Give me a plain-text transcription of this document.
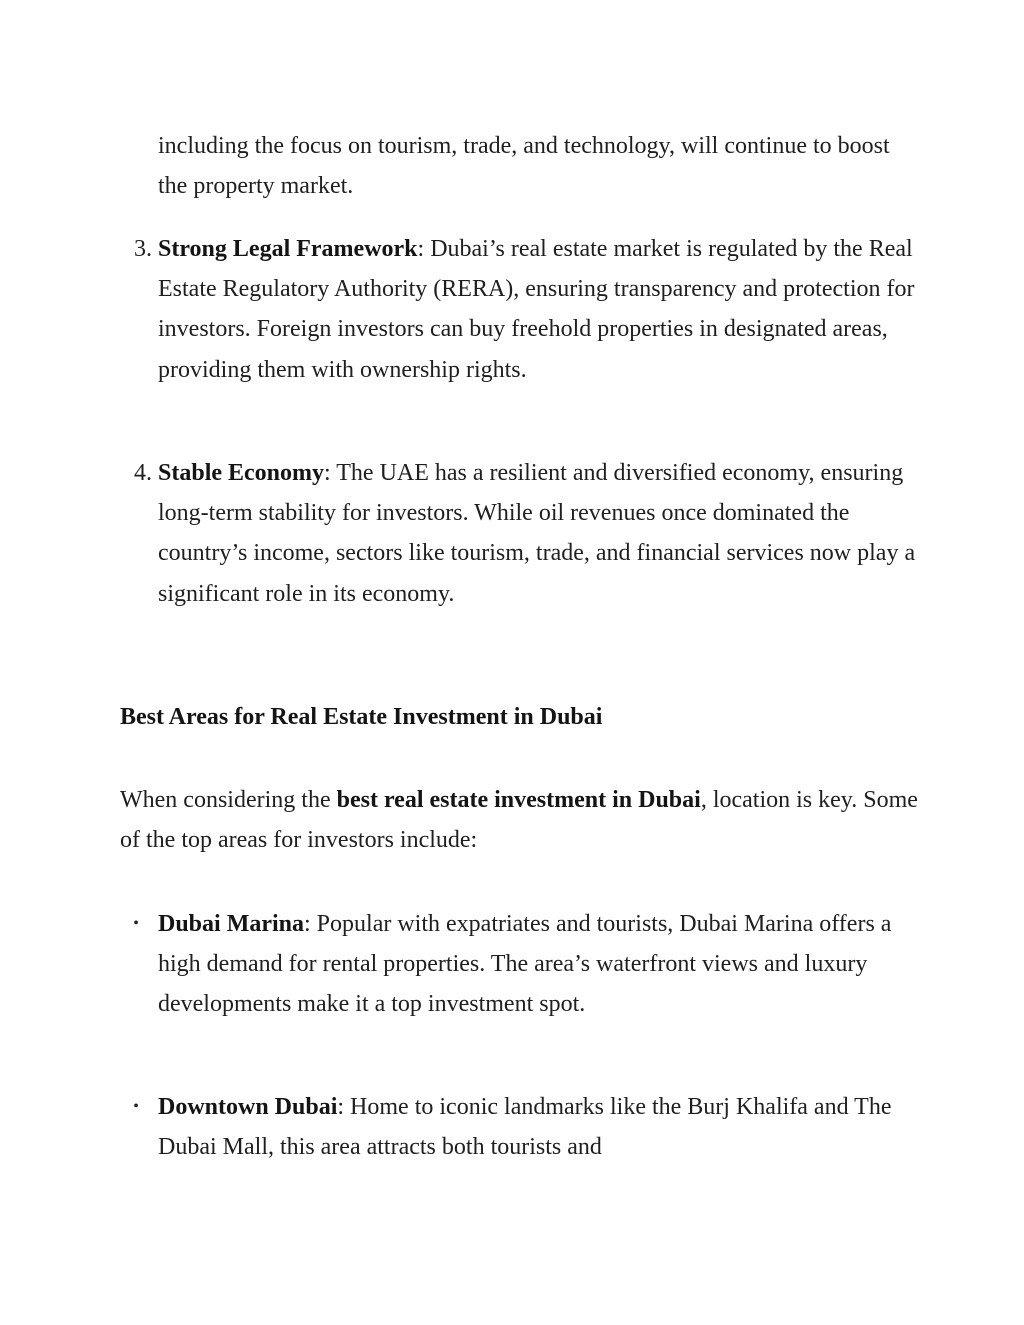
including the focus on tourism, trade, and technology, will continue to boost the property market.
3. Strong Legal Framework: Dubai’s real estate market is regulated by the Real Estate Regulatory Authority (RERA), ensuring transparency and protection for investors. Foreign investors can buy freehold properties in designated areas, providing them with ownership rights.
4. Stable Economy: The UAE has a resilient and diversified economy, ensuring long-term stability for investors. While oil revenues once dominated the country’s income, sectors like tourism, trade, and financial services now play a significant role in its economy.
Best Areas for Real Estate Investment in Dubai
When considering the best real estate investment in Dubai, location is key. Some of the top areas for investors include:
• Dubai Marina: Popular with expatriates and tourists, Dubai Marina offers a high demand for rental properties. The area’s waterfront views and luxury developments make it a top investment spot.
• Downtown Dubai: Home to iconic landmarks like the Burj Khalifa and The Dubai Mall, this area attracts both tourists and
